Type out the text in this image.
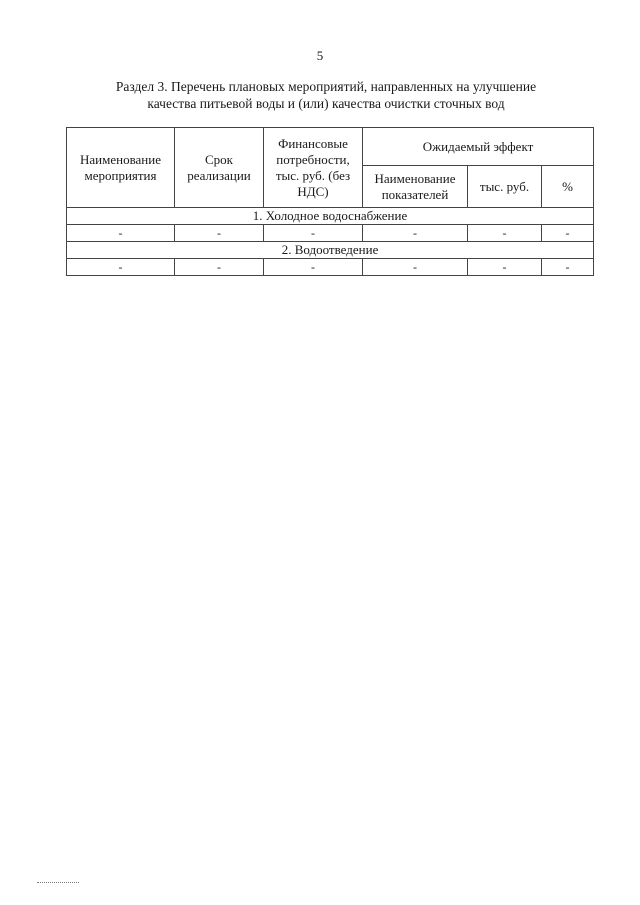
5
Раздел 3. Перечень плановых мероприятий, направленных на улучшение
качества питьевой воды и (или) качества очистки сточных вод
Наименование мероприятия	Срок реализации	Финансовые потребности, тыс. руб. (без НДС)	Ожидаемый эффект		
			Наименование показателей	тыс. руб.	%
1. Холодное водоснабжение					
-	-	-	-	-	-
2. Водоотведение					
-	-	-	-	-	-
